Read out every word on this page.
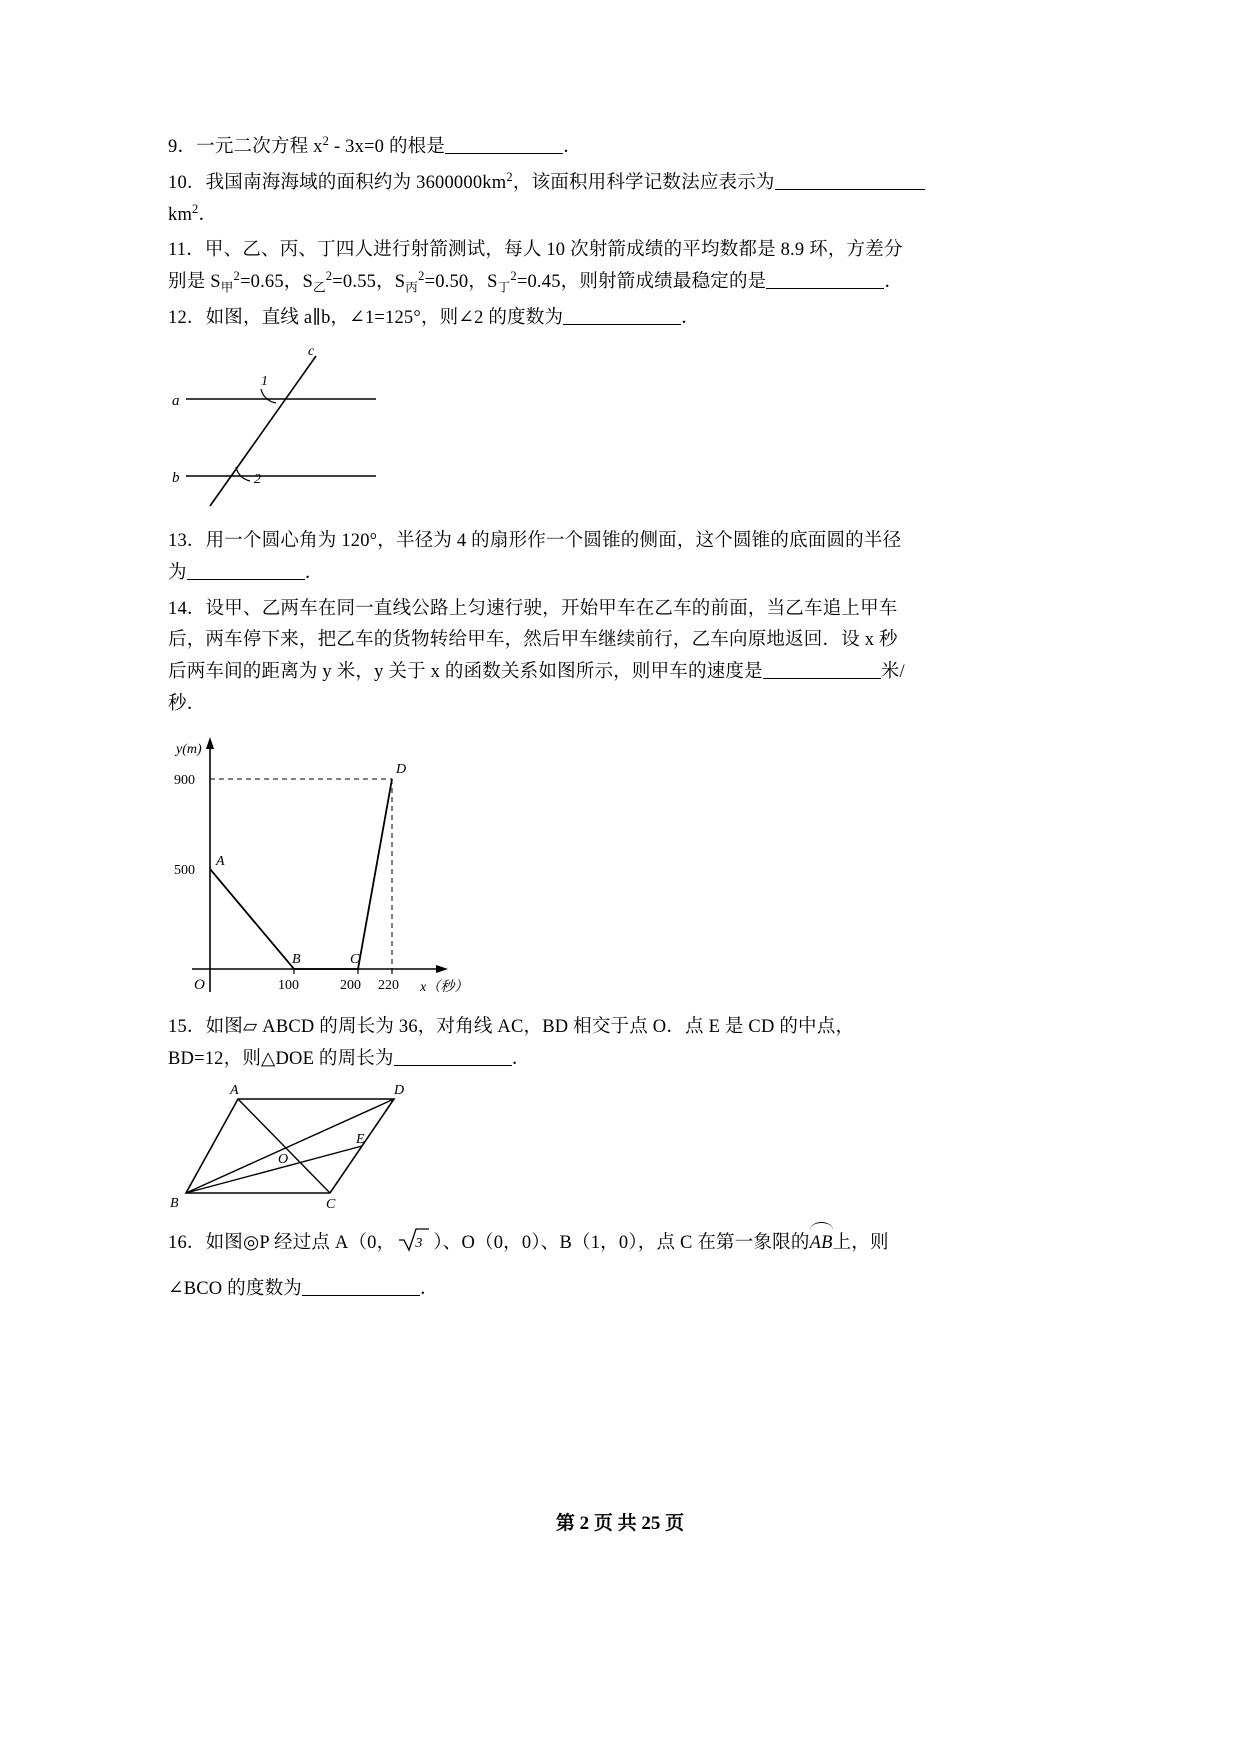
9．一元二次方程 $x^2 - 3x=0$ 的根是	．

10．我国南海海域的面积约为 $3600000km^2$，该面积用科学记数法应表示为

$km^2$．

11．甲、乙、丙、丁四人进行射箭测试，每人 10 次射箭成绩的平均数都是 8.9 环，方差分

别是 $S_甲^2=0.65$，$S_乙^2=0.55$，$S_丙^2=0.50$，$S_丁^2=0.45$，则射箭成绩最稳定的是	．

12．如图，直线 a∥b，∠1=125°，则∠2 的度数为	．

a
b
c
1
2

13．用一个圆心角为 120°，半径为 4 的扇形作一个圆锥的侧面，这个圆锥的底面圆的半径

为	．

14．设甲、乙两车在同一直线公路上匀速行驶，开始甲车在乙车的前面，当乙车追上甲车

后，两车停下来，把乙车的货物转给甲车，然后甲车继续前行，乙车向原地返回．设 x 秒

后两车间的距离为 y 米，y 关于 x 的函数关系如图所示，则甲车的速度是	米/

秒．

y(m)
900
500
O	100	200 220 x（秒）
A
B	C
D

15．如图▱ ABCD 的周长为 36，对角线 AC，BD 相交于点 O．点 E 是 CD 的中点，

BD=12，则△DOE 的周长为	．

A	D
B	C
O
E

16．如图◎P 经过点 A（0， 3 ）、O（0，0）、B（1，0），点 C 在第一象限的
AB上，则

∠BCO 的度数为	．

第 2 页 共 25 页
